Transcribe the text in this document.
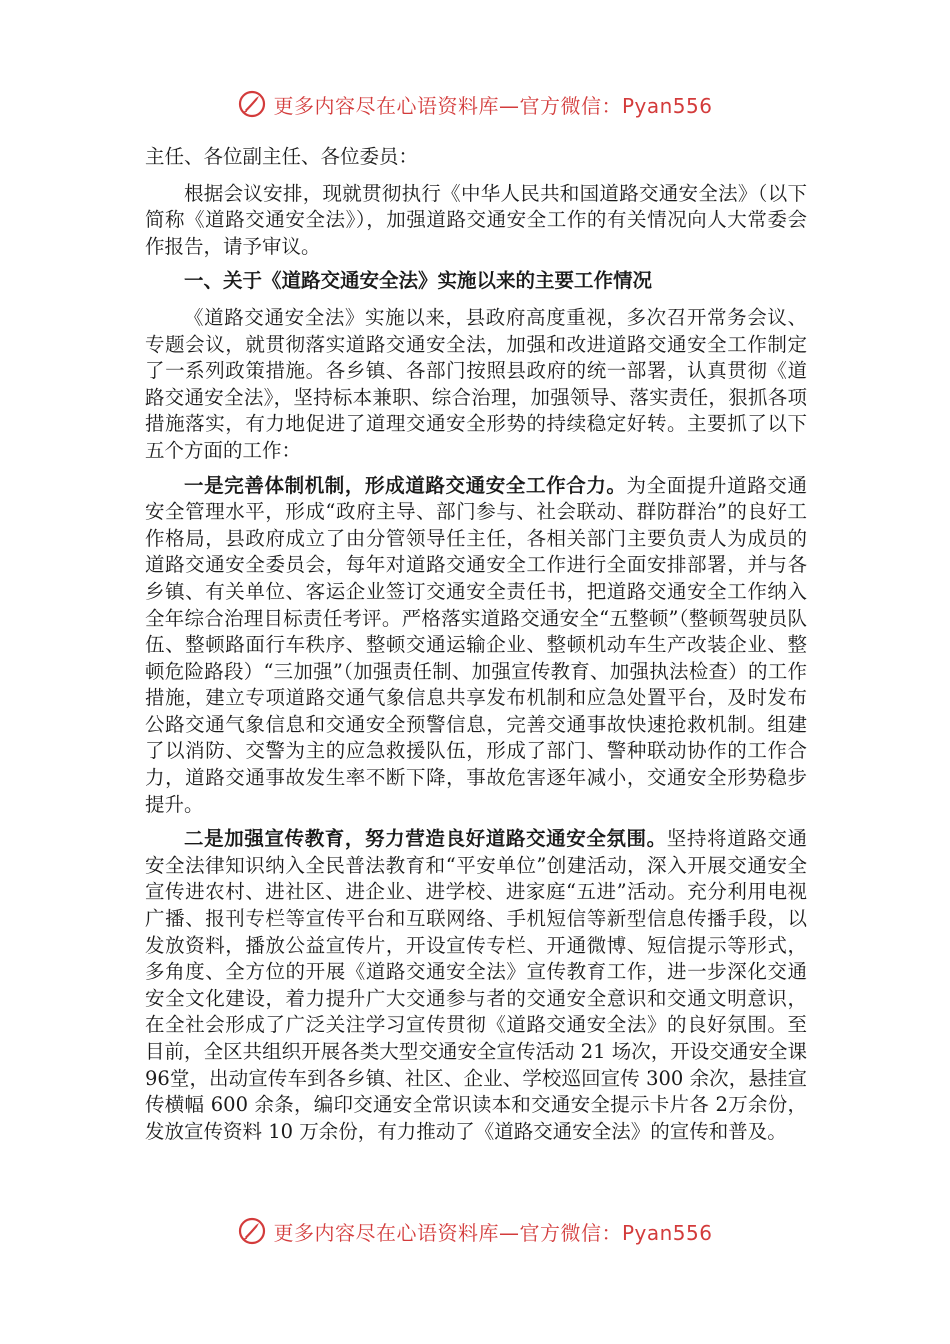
更多内容尽在心语资料库—官方微信：Pyan556

主任、各位副主任、各位委员：

根据会议安排，现就贯彻执行《中华人民共和国道路交通安全法》（以下简称《道路交通安全法》），加强道路交通安全工作的有关情况向人大常委会作报告，请予审议。

一、关于《道路交通安全法》实施以来的主要工作情况

《道路交通安全法》实施以来，县政府高度重视，多次召开常务会议、专题会议，就贯彻落实道路交通安全法，加强和改进道路交通安全工作制定了一系列政策措施。各乡镇、各部门按照县政府的统一部署，认真贯彻《道路交通安全法》，坚持标本兼职、综合治理，加强领导、落实责任，狠抓各项措施落实，有力地促进了道理交通安全形势的持续稳定好转。主要抓了以下五个方面的工作：

一是完善体制机制，形成道路交通安全工作合力。为全面提升道路交通安全管理水平，形成“政府主导、部门参与、社会联动、群防群治”的良好工作格局，县政府成立了由分管领导任主任，各相关部门主要负责人为成员的道路交通安全委员会，每年对道路交通安全工作进行全面安排部署，并与各乡镇、有关单位、客运企业签订交通安全责任书，把道路交通安全工作纳入全年综合治理目标责任考评。严格落实道路交通安全“五整顿”（整顿驾驶员队伍、整顿路面行车秩序、整顿交通运输企业、整顿机动车生产改装企业、整顿危险路段）“三加强”（加强责任制、加强宣传教育、加强执法检查）的工作措施，建立专项道路交通气象信息共享发布机制和应急处置平台，及时发布公路交通气象信息和交通安全预警信息，完善交通事故快速抢救机制。组建了以消防、交警为主的应急救援队伍，形成了部门、警种联动协作的工作合力，道路交通事故发生率不断下降，事故危害逐年减小，交通安全形势稳步提升。

二是加强宣传教育，努力营造良好道路交通安全氛围。坚持将道路交通安全法律知识纳入全民普法教育和“平安单位”创建活动，深入开展交通安全宣传进农村、进社区、进企业、进学校、进家庭“五进”活动。充分利用电视广播、报刊专栏等宣传平台和互联网络、手机短信等新型信息传播手段，以发放资料，播放公益宣传片，开设宣传专栏、开通微博、短信提示等形式，多角度、全方位的开展《道路交通安全法》宣传教育工作，进一步深化交通安全文化建设，着力提升广大交通参与者的交通安全意识和交通文明意识，在全社会形成了广泛关注学习宣传贯彻《道路交通安全法》的良好氛围。至目前，全区共组织开展各类大型交通安全宣传活动 21 场次，开设交通安全课 96堂，出动宣传车到各乡镇、社区、企业、学校巡回宣传 300 余次，悬挂宣传横幅 600 余条，编印交通安全常识读本和交通安全提示卡片各 2万余份，发放宣传资料 10 万余份，有力推动了《道路交通安全法》的宣传和普及。

更多内容尽在心语资料库—官方微信：Pyan556
